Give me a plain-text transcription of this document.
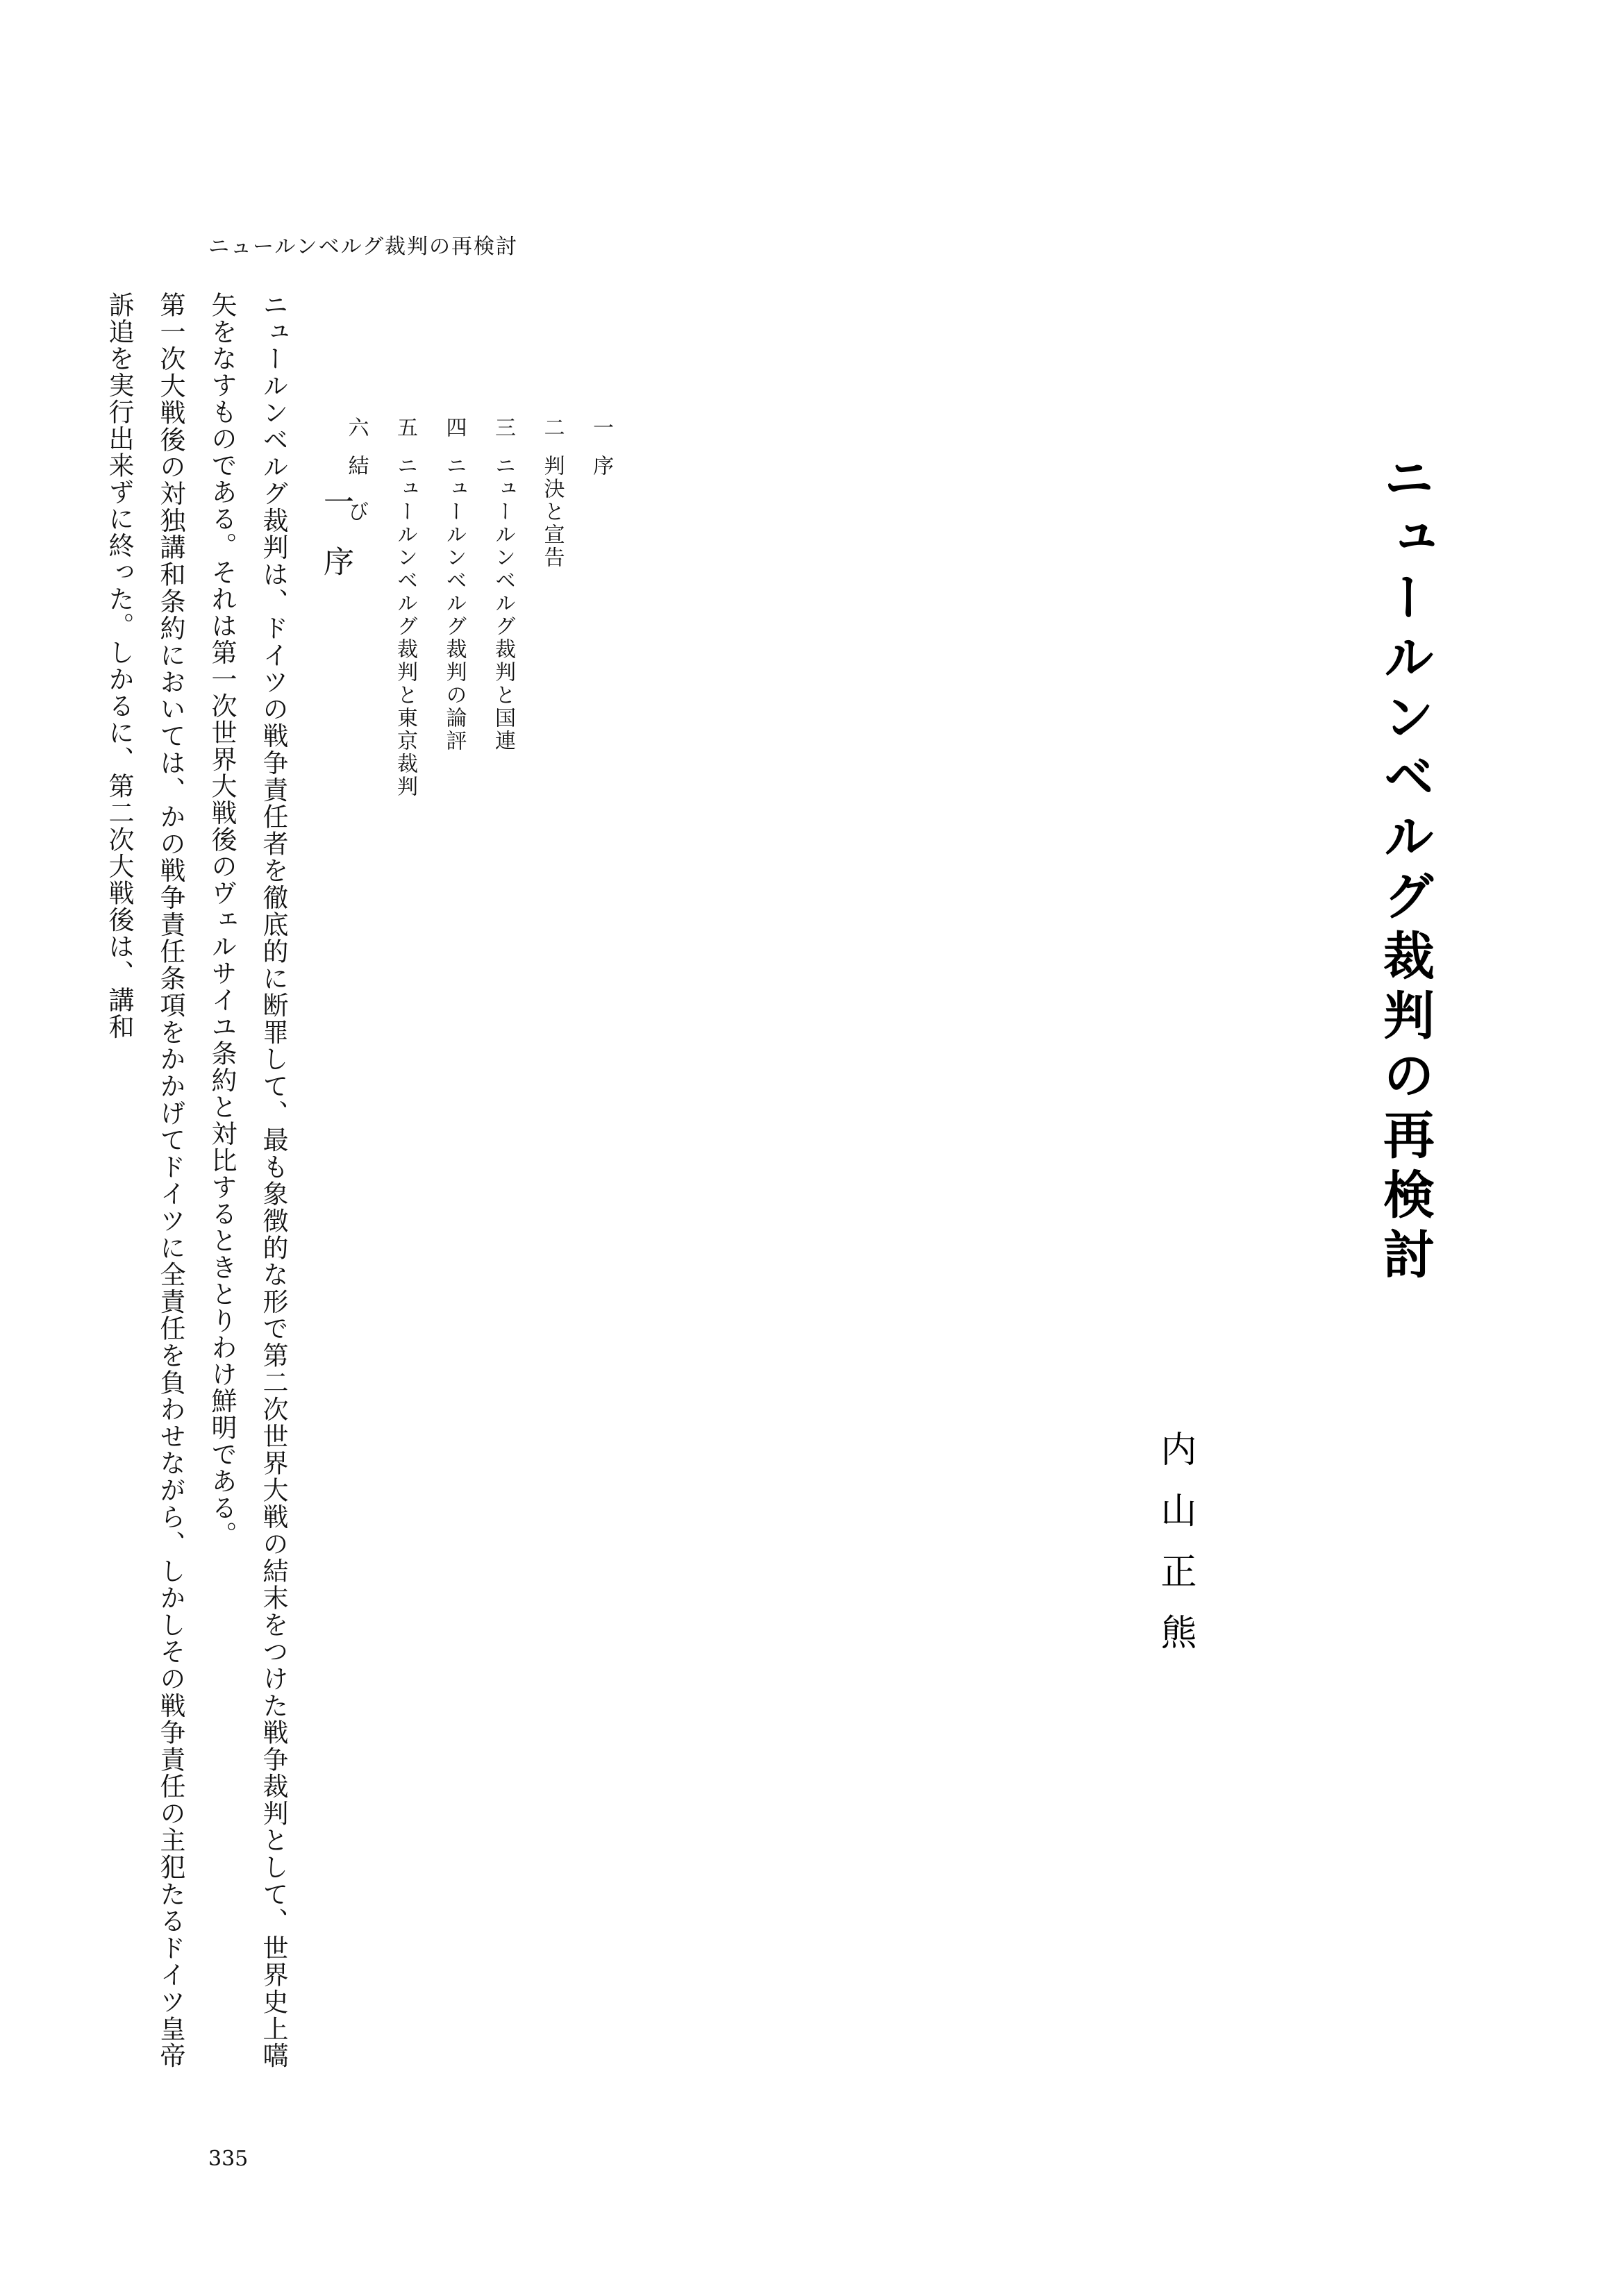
ニュールンベルグ裁判の再検討
ニュールンベルグ裁判の再検討
内山正熊
一序
二判決と宣告
三ニュールンベルグ裁判と国連
四ニュールンベルグ裁判の論評
五ニュールンベルグ裁判と東京裁判
六結　び
一序

ニュールンベルグ裁判は、ドイツの戦争責任者を徹底的に断罪して、最も象徴的な形で第二次世界大戦の結末をつけた戦争裁判として、世界史上嚆矢をなすものである。それは第一次世界大戦後のヴェルサイユ条約と対比するときとりわけ鮮明である。

第一次大戦後の対独講和条約においては、かの戦争責任条項をかかげてドイツに全責任を負わせながら、しかしその戦争責任の主犯たるドイツ皇帝訴追を実行出来ずに終った。しかるに、第二次大戦後は、講和

335
